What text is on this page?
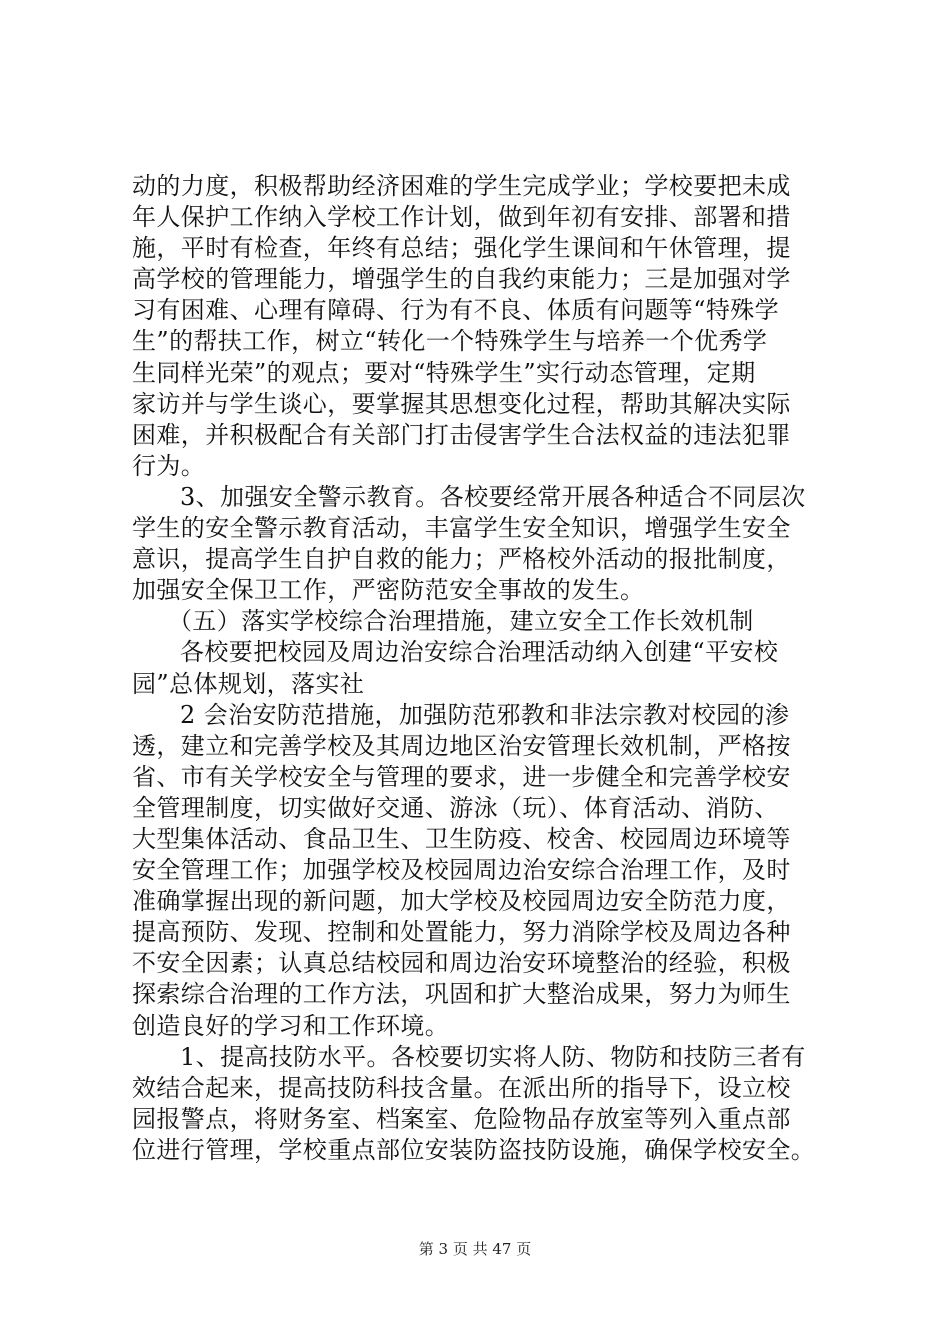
动的力度，积极帮助经济困难的学生完成学业；学校要把未成
年人保护工作纳入学校工作计划，做到年初有安排、部署和措
施，平时有检查，年终有总结；强化学生课间和午休管理，提
高学校的管理能力，增强学生的自我约束能力；三是加强对学
习有困难、心理有障碍、行为有不良、体质有问题等“特殊学
生”的帮扶工作，树立“转化一个特殊学生与培养一个优秀学
生同样光荣”的观点；要对“特殊学生”实行动态管理，定期
家访并与学生谈心，要掌握其思想变化过程，帮助其解决实际
困难，并积极配合有关部门打击侵害学生合法权益的违法犯罪
行为。
3、加强安全警示教育。各校要经常开展各种适合不同层次
学生的安全警示教育活动，丰富学生安全知识，增强学生安全
意识，提高学生自护自救的能力；严格校外活动的报批制度，
加强安全保卫工作，严密防范安全事故的发生。
（五）落实学校综合治理措施，建立安全工作长效机制
各校要把校园及周边治安综合治理活动纳入创建“平安校
园”总体规划，落实社
2 会治安防范措施，加强防范邪教和非法宗教对校园的渗
透，建立和完善学校及其周边地区治安管理长效机制，严格按
省、市有关学校安全与管理的要求，进一步健全和完善学校安
全管理制度，切实做好交通、游泳（玩）、体育活动、消防、
大型集体活动、食品卫生、卫生防疫、校舍、校园周边环境等
安全管理工作；加强学校及校园周边治安综合治理工作，及时
准确掌握出现的新问题，加大学校及校园周边安全防范力度，
提高预防、发现、控制和处置能力，努力消除学校及周边各种
不安全因素；认真总结校园和周边治安环境整治的经验，积极
探索综合治理的工作方法，巩固和扩大整治成果，努力为师生
创造良好的学习和工作环境。
1、提高技防水平。各校要切实将人防、物防和技防三者有
效结合起来，提高技防科技含量。在派出所的指导下，设立校
园报警点，将财务室、档案室、危险物品存放室等列入重点部
位进行管理，学校重点部位安装防盗技防设施，确保学校安全。
第 3 页 共 47 页
